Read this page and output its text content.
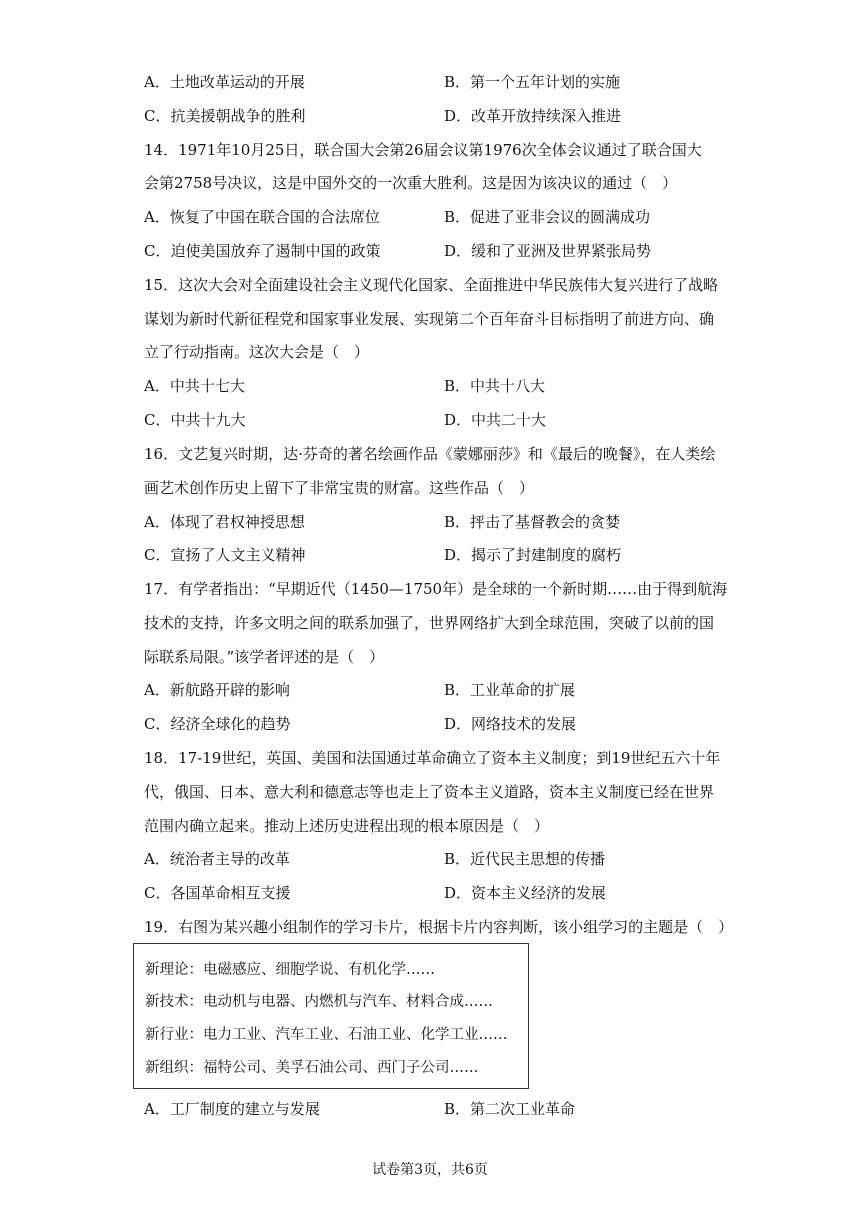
A．土地改革运动的开展	B．第一个五年计划的实施
C．抗美援朝战争的胜利	D．改革开放持续深入推进
14．1971年10月25日，联合国大会第26届会议第1976次全体会议通过了联合国大
会第2758号决议，这是中国外交的一次重大胜利。这是因为该决议的通过（　）
A．恢复了中国在联合国的合法席位	B．促进了亚非会议的圆满成功
C．迫使美国放弃了遏制中国的政策	D．缓和了亚洲及世界紧张局势
15．这次大会对全面建设社会主义现代化国家、全面推进中华民族伟大复兴进行了战略
谋划为新时代新征程党和国家事业发展、实现第二个百年奋斗目标指明了前进方向、确
立了行动指南。这次大会是（　）
A．中共十七大	B．中共十八大
C．中共十九大	D．中共二十大
16．文艺复兴时期，达·芬奇的著名绘画作品《蒙娜丽莎》和《最后的晚餐》，在人类绘
画艺术创作历史上留下了非常宝贵的财富。这些作品（　）
A．体现了君权神授思想	B．抨击了基督教会的贪婪
C．宣扬了人文主义精神	D．揭示了封建制度的腐朽
17．有学者指出：“早期近代（1450—1750年）是全球的一个新时期……由于得到航海
技术的支持，许多文明之间的联系加强了，世界网络扩大到全球范围，突破了以前的国
际联系局限。”该学者评述的是（　）
A．新航路开辟的影响	B．工业革命的扩展
C．经济全球化的趋势	D．网络技术的发展
18．17-19世纪，英国、美国和法国通过革命确立了资本主义制度；到19世纪五六十年
代，俄国、日本、意大利和德意志等也走上了资本主义道路，资本主义制度已经在世界
范围内确立起来。推动上述历史进程出现的根本原因是（　）
A．统治者主导的改革	B．近代民主思想的传播
C．各国革命相互支援	D．资本主义经济的发展
19．右图为某兴趣小组制作的学习卡片，根据卡片内容判断，该小组学习的主题是（　）
新理论：电磁感应、细胞学说、有机化学……
新技术：电动机与电器、内燃机与汽车、材料合成……
新行业：电力工业、汽车工业、石油工业、化学工业……
新组织：福特公司、美孚石油公司、西门子公司……
A．工厂制度的建立与发展	B．第二次工业革命
试卷第3页，共6页
